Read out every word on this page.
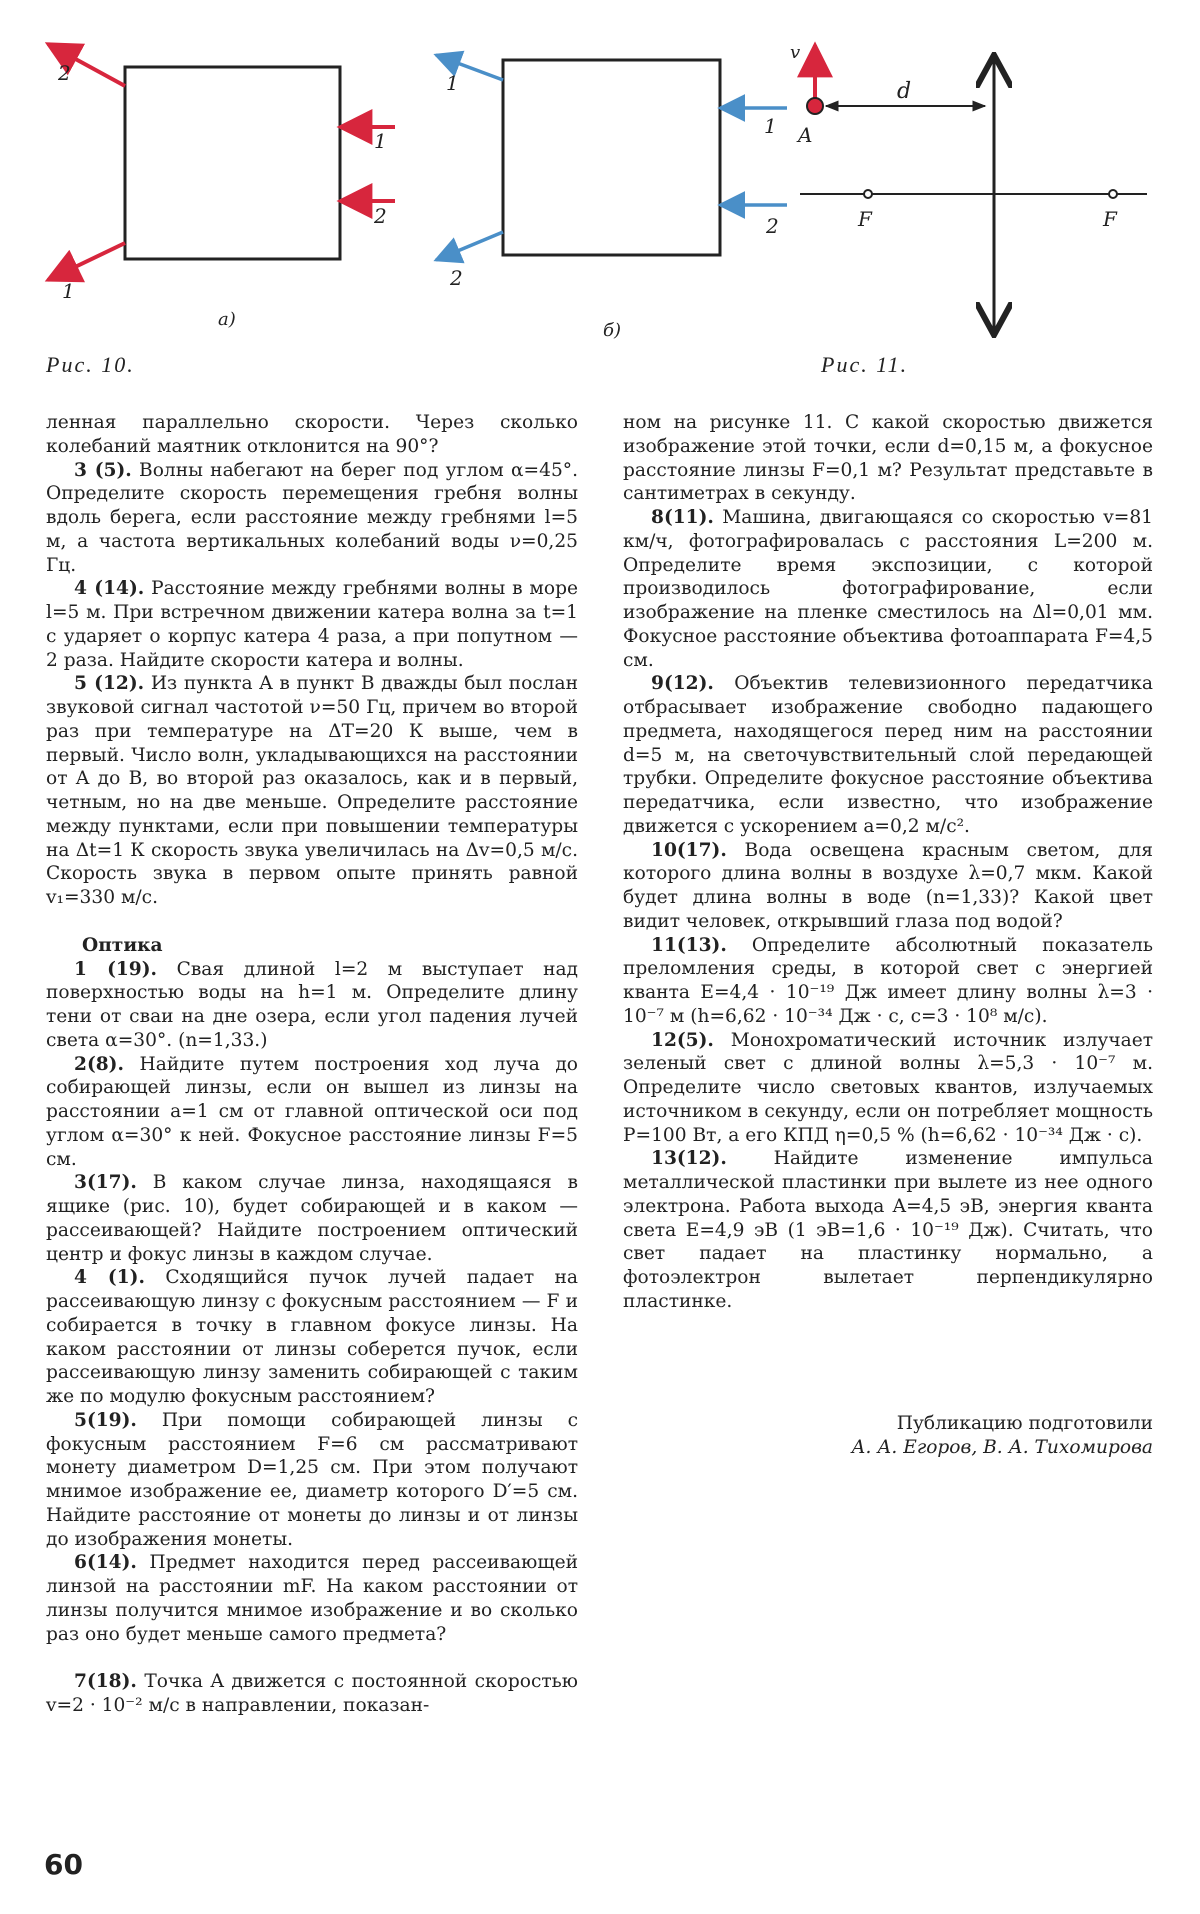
2
1
2
1
а)
1
1
2
2
б)
v
A
d
F	F

Рис. 10.	Рис. 11.

ленная параллельно скорости. Через сколько колебаний маятник отклонится на 90°?

3 (5). Волны набегают на берег под углом α=45°. Определите скорость перемещения гребня волны вдоль берега, если расстояние между гребнями l=5 м, а частота вертикальных колебаний воды ν=0,25 Гц.

4 (14). Расстояние между гребнями волны в море l=5 м. При встречном движении катера волна за t=1 с ударяет о корпус катера 4 раза, а при попутном — 2 раза. Найдите скорости катера и волны.

5 (12). Из пункта A в пункт B дважды был послан звуковой сигнал частотой ν=50 Гц, причем во второй раз при температуре на ΔT=20 К выше, чем в первый. Число волн, укладывающихся на расстоянии от A до B, во второй раз оказалось, как и в первый, четным, но на две меньше. Определите расстояние между пунктами, если при повышении температуры на Δt=1 К скорость звука увеличилась на Δv=0,5 м/с. Скорость звука в первом опыте принять равной v₁=330 м/с.

Оптика

1 (19). Свая длиной l=2 м выступает над поверхностью воды на h=1 м. Определите длину тени от сваи на дне озера, если угол падения лучей света α=30°. (n=1,33.)

2(8). Найдите путем построения ход луча до собирающей линзы, если он вышел из линзы на расстоянии a=1 см от главной оптической оси под углом α=30° к ней. Фокусное расстояние линзы F=5 см.

3(17). В каком случае линза, находящаяся в ящике (рис. 10), будет собирающей и в каком — рассеивающей? Найдите построением оптический центр и фокус линзы в каждом случае.

4 (1). Сходящийся пучок лучей падает на рассеивающую линзу с фокусным расстоянием — F и собирается в точку в главном фокусе линзы. На каком расстоянии от линзы соберется пучок, если рассеивающую линзу заменить собирающей с таким же по модулю фокусным расстоянием?

5(19). При помощи собирающей линзы с фокусным расстоянием F=6 см рассматривают монету диаметром D=1,25 см. При этом получают мнимое изображение ее, диаметр которого D′=5 см. Найдите расстояние от монеты до линзы и от линзы до изображения монеты.

6(14). Предмет находится перед рассеивающей линзой на расстоянии mF. На каком расстоянии от линзы получится мнимое изображение и во сколько раз оно будет меньше самого предмета?

7(18). Точка A движется с постоянной скоростью v=2 · 10⁻² м/с в направлении, показан-

ном на рисунке 11. С какой скоростью движется изображение этой точки, если d=0,15 м, а фокусное расстояние линзы F=0,1 м? Результат представьте в сантиметрах в секунду.

8(11). Машина, двигающаяся со скоростью v=81 км/ч, фотографировалась с расстояния L=200 м. Определите время экспозиции, с которой производилось фотографирование, если изображение на пленке сместилось на Δl=0,01 мм. Фокусное расстояние объектива фотоаппарата F=4,5 см.

9(12). Объектив телевизионного передатчика отбрасывает изображение свободно падающего предмета, находящегося перед ним на расстоянии d=5 м, на светочувствительный слой передающей трубки. Определите фокусное расстояние объектива передатчика, если известно, что изображение движется с ускорением a=0,2 м/с².

10(17). Вода освещена красным светом, для которого длина волны в воздухе λ=0,7 мкм. Какой будет длина волны в воде (n=1,33)? Какой цвет видит человек, открывший глаза под водой?

11(13). Определите абсолютный показатель преломления среды, в которой свет с энергией кванта E=4,4 · 10⁻¹⁹ Дж имеет длину волны λ=3 · 10⁻⁷ м (h=6,62 · 10⁻³⁴ Дж · с, c=3 · 10⁸ м/с).

12(5). Монохроматический источник излучает зеленый свет с длиной волны λ=5,3 · 10⁻⁷ м. Определите число световых квантов, излучаемых источником в секунду, если он потребляет мощность P=100 Вт, а его КПД η=0,5 % (h=6,62 · 10⁻³⁴ Дж · с).

13(12).	Найдите изменение импульса металлической пластинки при вылете из нее одного электрона. Работа выхода A=4,5 эВ, энергия кванта света E=4,9 эВ (1 эВ=1,6 · 10⁻¹⁹ Дж). Считать, что свет падает на пластинку нормально, а фотоэлектрон вылетает перпендикулярно пластинке.

Публикацию подготовили
А. А. Егоров, В. А. Тихомирова

60
